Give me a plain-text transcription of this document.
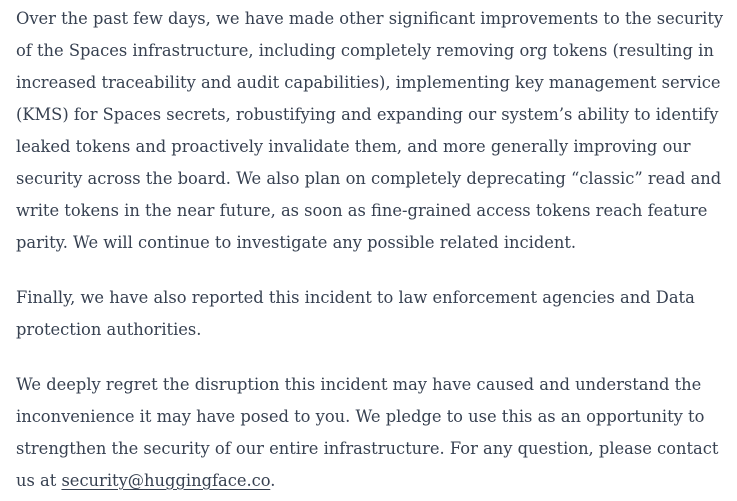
Over the past few days, we have made other significant improvements to the security of the Spaces infrastructure, including completely removing org tokens (resulting in increased traceability and audit capabilities), implementing key management service (KMS) for Spaces secrets, robustifying and expanding our system’s ability to identify leaked tokens and proactively invalidate them, and more generally improving our security across the board. We also plan on completely deprecating “classic” read and write tokens in the near future, as soon as fine-grained access tokens reach feature parity. We will continue to investigate any possible related incident.

Finally, we have also reported this incident to law enforcement agencies and Data protection authorities.

We deeply regret the disruption this incident may have caused and understand the inconvenience it may have posed to you. We pledge to use this as an opportunity to strengthen the security of our entire infrastructure. For any question, please contact us at security@huggingface.co.
